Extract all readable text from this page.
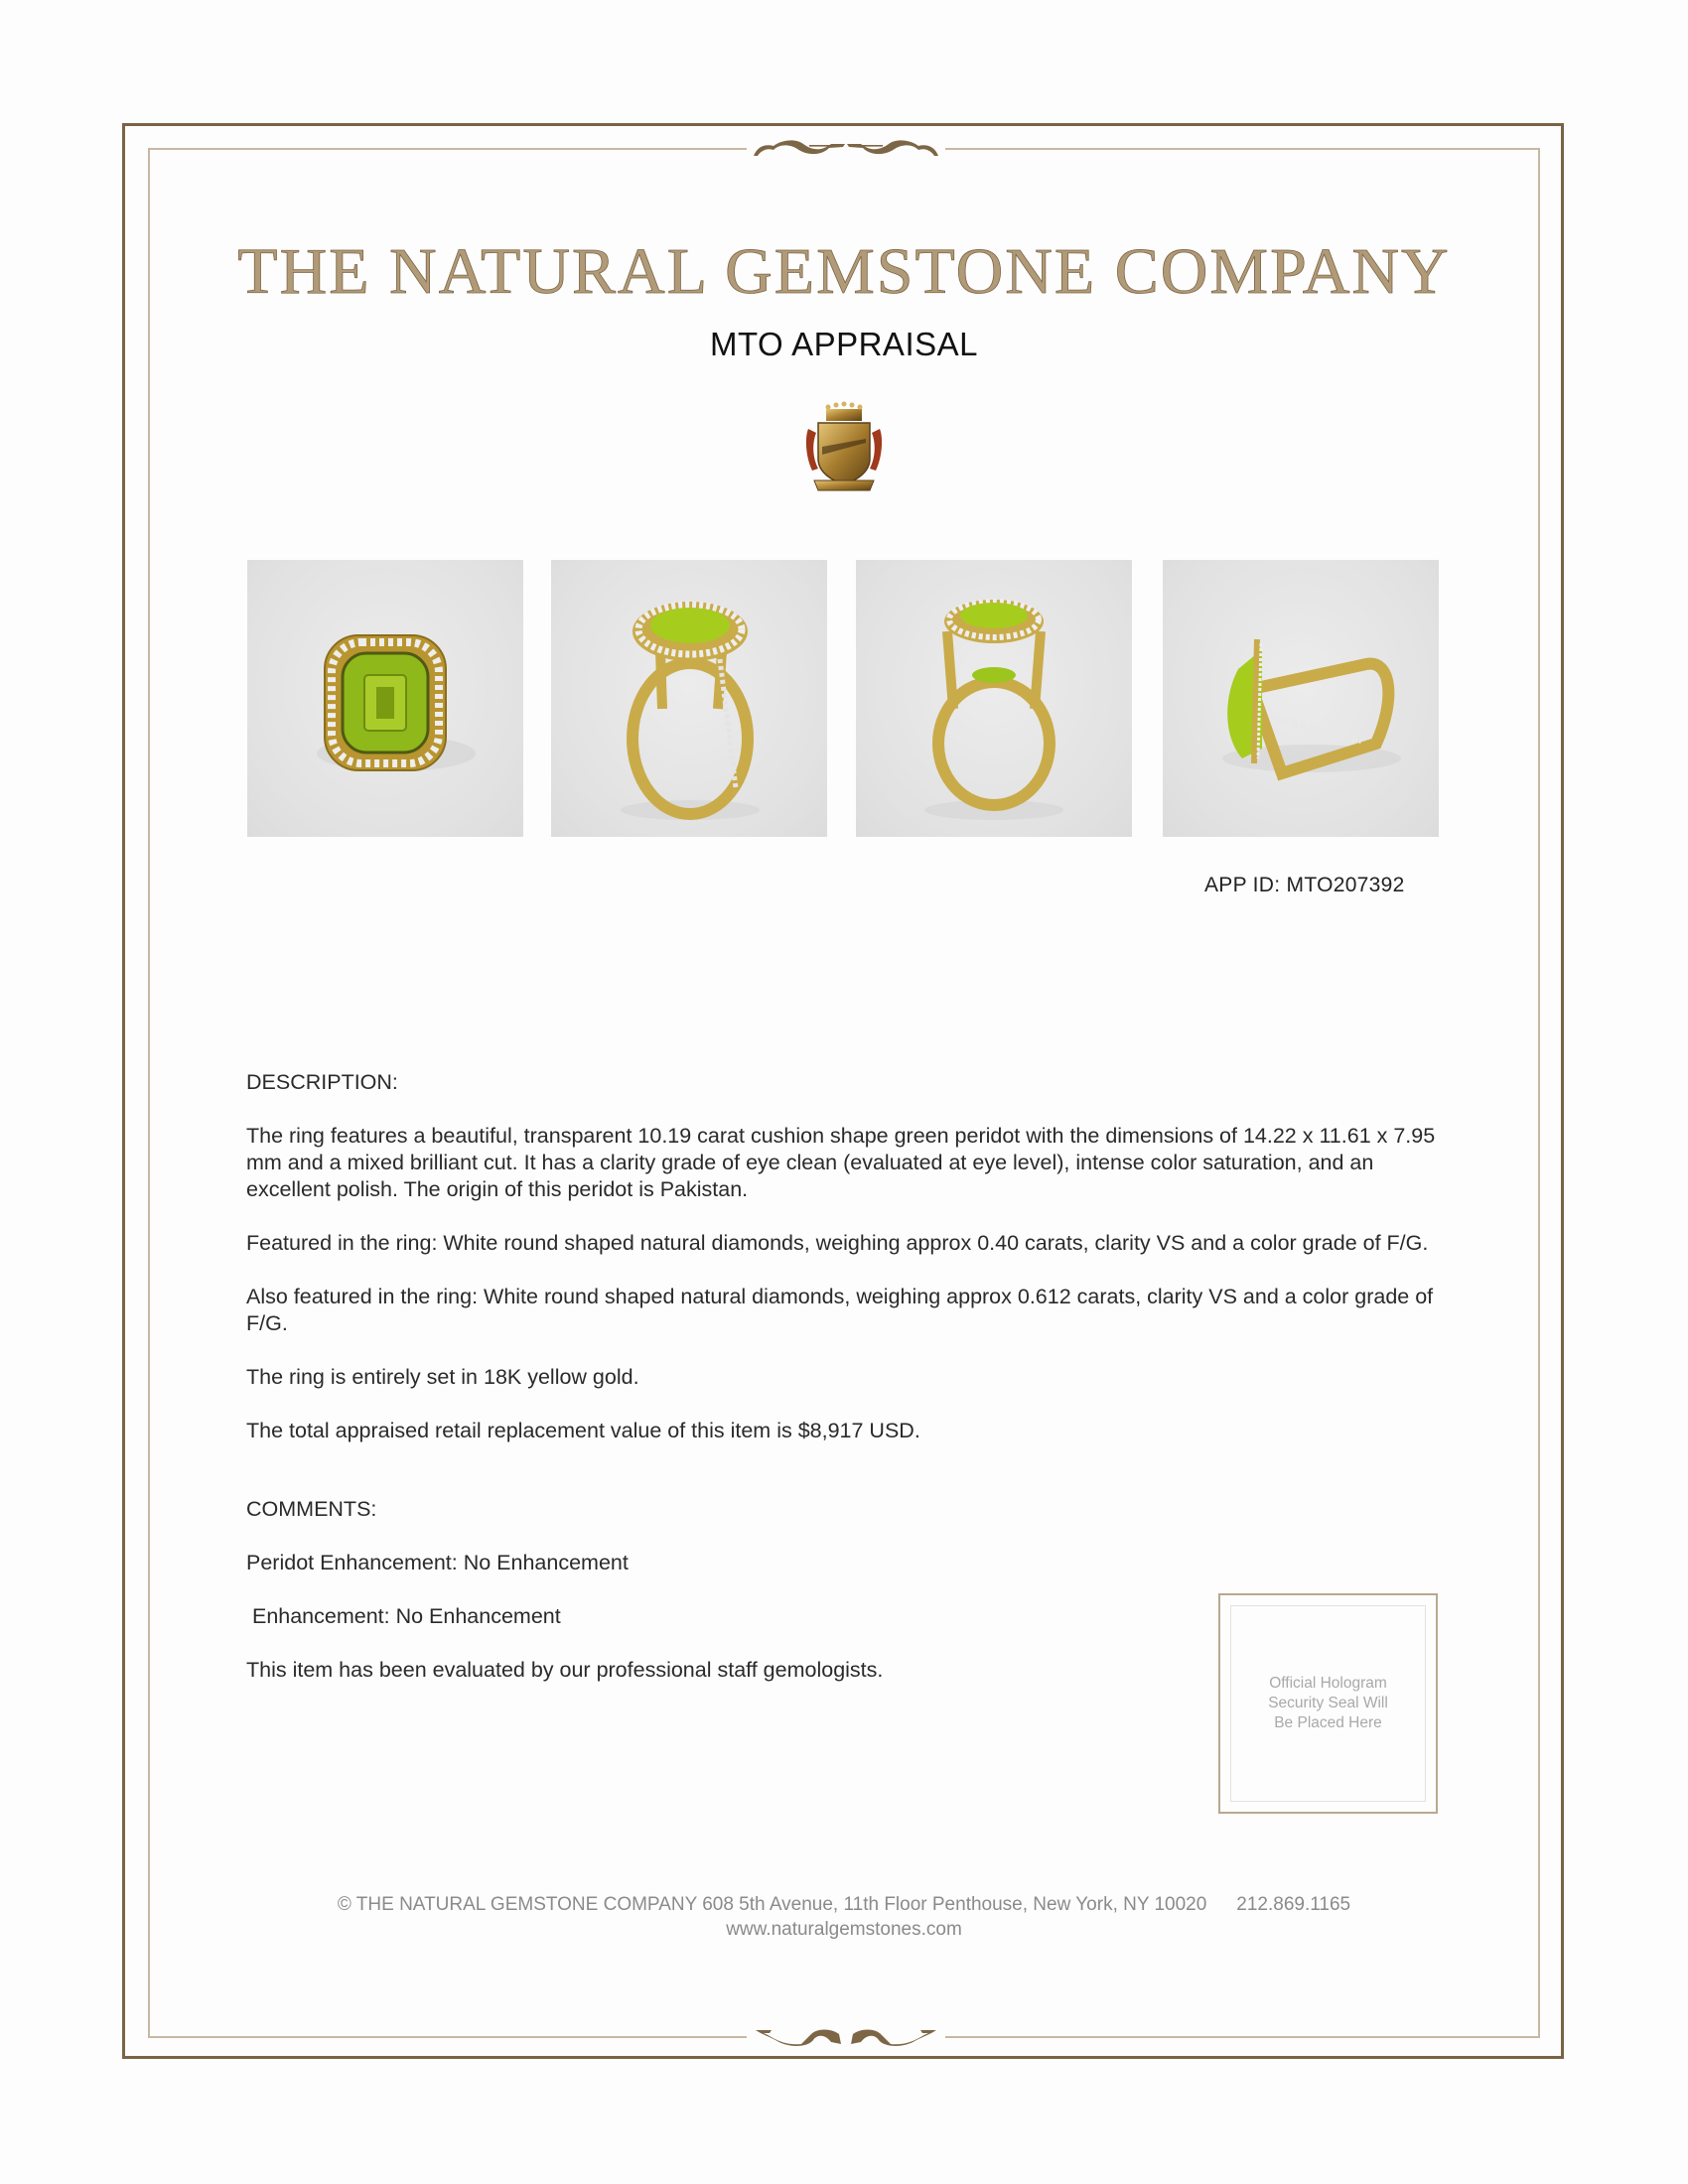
THE NATURAL GEMSTONE COMPANY
MTO APPRAISAL
APP ID: MTO207392

DESCRIPTION:

The ring features a beautiful, transparent 10.19 carat cushion shape green peridot with the dimensions of 14.22 x 11.61 x 7.95 mm and a mixed brilliant cut. It has a clarity grade of eye clean (evaluated at eye level), intense color saturation, and an excellent polish. The origin of this peridot is Pakistan.

Featured in the ring: White round shaped natural diamonds, weighing approx 0.40 carats, clarity VS and a color grade of F/G.

Also featured in the ring: White round shaped natural diamonds, weighing approx 0.612 carats, clarity VS and a color grade of F/G.

The ring is entirely set in 18K yellow gold.

The total appraised retail replacement value of this item is $8,917 USD.

COMMENTS:

Peridot Enhancement: No Enhancement

Enhancement: No Enhancement

This item has been evaluated by our professional staff gemologists.

Official Hologram
Security Seal Will
Be Placed Here
© THE NATURAL GEMSTONE COMPANY 608 5th Avenue, 11th Floor Penthouse, New York, NY 10020 212.869.1165
www.naturalgemstones.com
